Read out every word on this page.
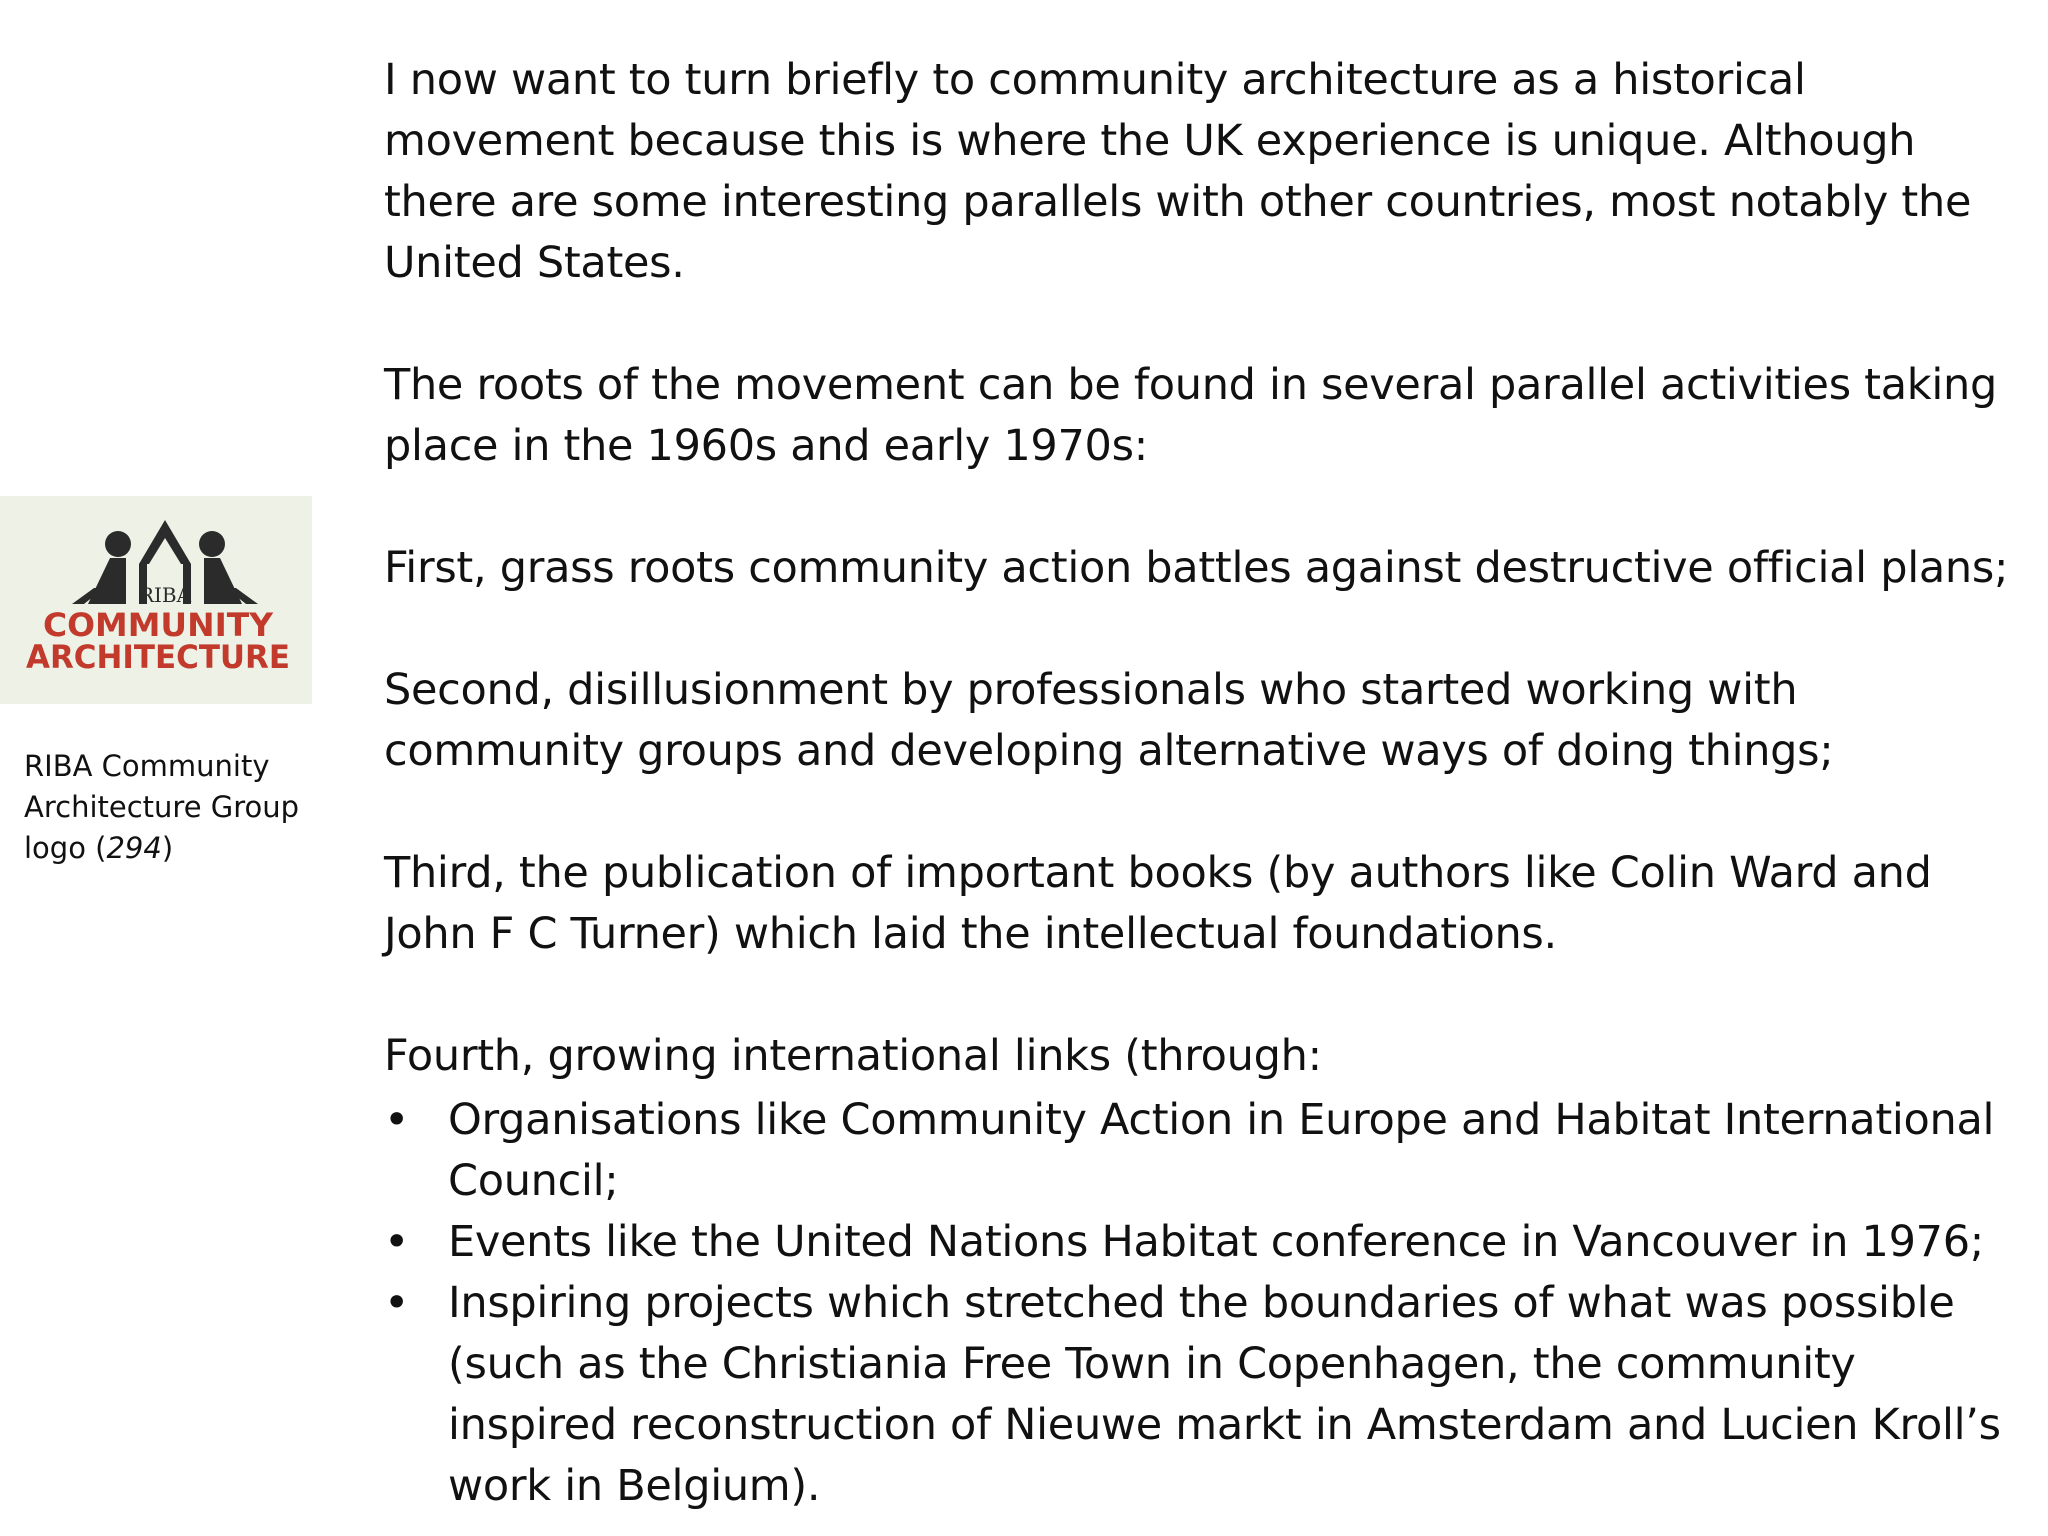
I now want to turn briefly to community architecture as a historical movement because this is where the UK experience is unique. Although there are some interesting parallels with other countries, most notably the United States.

The roots of the movement can be found in several parallel activities taking place in the 1960s and early 1970s:

First, grass roots community action battles against destructive official plans;

Second, disillusionment by professionals who started working with community groups and developing alternative ways of doing things;

Third, the publication of important books (by authors like Colin Ward and John F C Turner) which laid the intellectual foundations.

Fourth, growing international links (through:

• Organisations like Community Action in Europe and Habitat International Council;
• Events like the United Nations Habitat conference in Vancouver in 1976;
• Inspiring projects which stretched the boundaries of what was possible (such as the Christiania Free Town in Copenhagen, the community inspired reconstruction of Nieuwe markt in Amsterdam and Lucien Kroll’s work in Belgium).
RIBA
COMMUNITY
ARCHITECTURE
RIBA Community Architecture Group logo (294)
